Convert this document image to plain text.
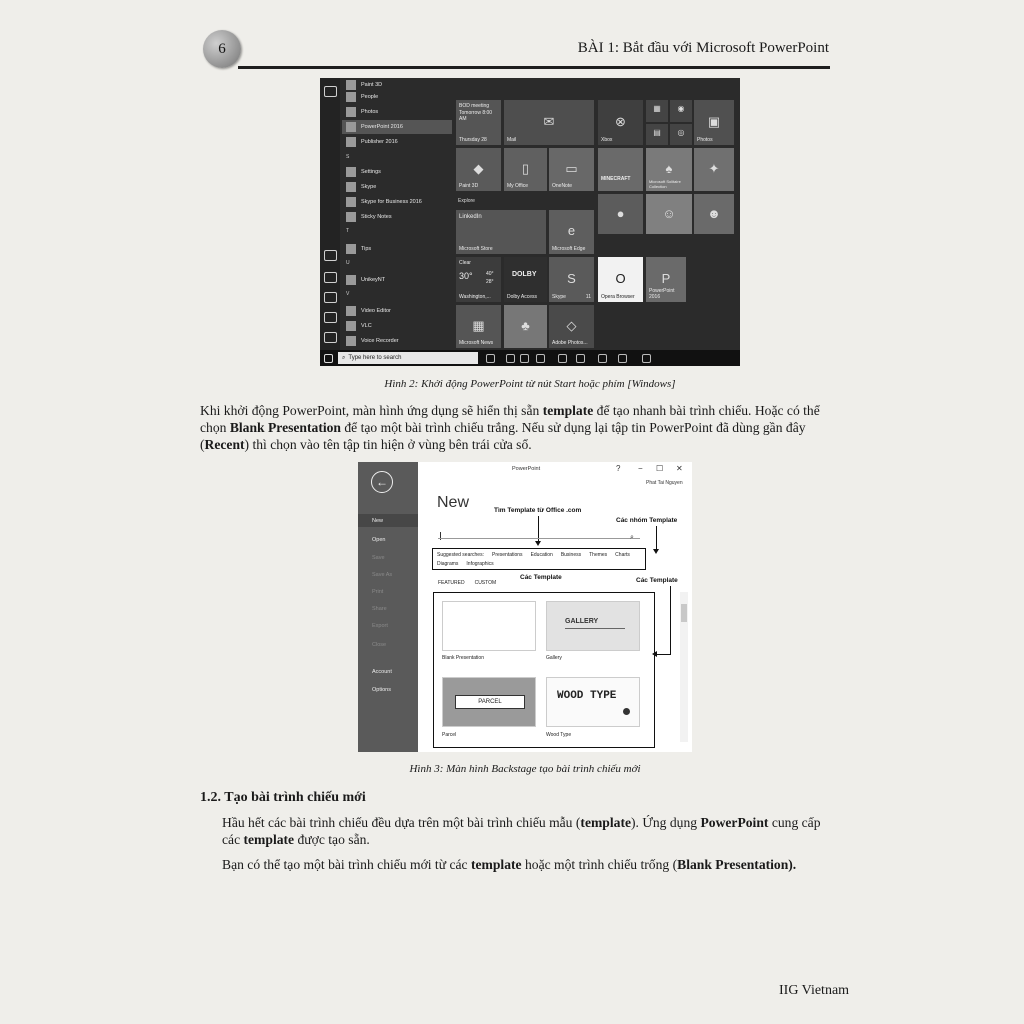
6	BÀI 1: Bắt đầu với Microsoft PowerPoint
Paint 3D
People
Photos
PowerPoint 2016
Publisher 2016
Settings
Skype
Skype for Business 2016
Sticky Notes
Tips
UnikeyNT
Video Editor
VLC
Voice Recorder
S
T
U
V
BOD meeting
Tomorrow 8:00 AM
Thursday 28
✉
Mail
⊗
Xbox
▦	◉
▤	◎
▣
Photos
◆
Paint 3D
▯
My Office
▭
OneNote
MINECRAFT
♠
Microsoft Solitaire Collection
✦
●	☺	☻
Explore
LinkedIn
Microsoft Store
e
Microsoft Edge
Clear
30°	40°
28°
Washington,...
DOLBY
Dolby Access
S
Skype	11
O
Opera Browser
P
PowerPoint 2016
▦
Microsoft News
♣	◇
Adobe Photos...
⌕ Type here to search
Hình 2: Khởi động PowerPoint từ nút Start hoặc phím [Windows]
Khi khởi động PowerPoint, màn hình ứng dụng sẽ hiển thị sẵn template để tạo nhanh bài trình chiếu. Hoặc có thể
chọn Blank Presentation để tạo một bài trình chiếu trắng. Nếu sử dụng lại tập tin PowerPoint đã dùng gần đây
(Recent) thì chọn vào tên tập tin hiện ở vùng bên trái cửa sổ.
←
New
Open
Save
Save As
Print
Share
Export
Close
Account
Options
PowerPoint	? − ☐ ✕
Phat Tai Nguyen
New	Tìm Template từ Office .com
Các nhóm Template
⌕
Suggested searches: Presentations Education Business Themes Charts
Diagrams Infographics
FEATURED CUSTOM
Các Template	Các Template
Blank Presentation
GALLERY
Gallery
PARCEL
Parcel
WOOD TYPE
Wood Type
Hình 3: Màn hình Backstage tạo bài trình chiếu mới
1.2. Tạo bài trình chiếu mới
Hầu hết các bài trình chiếu đều dựa trên một bài trình chiếu mẫu (template). Ứng dụng PowerPoint cung cấp
các template được tạo sẵn.
Bạn có thể tạo một bài trình chiếu mới từ các template hoặc một trình chiếu trống (Blank Presentation).
IIG Vietnam
